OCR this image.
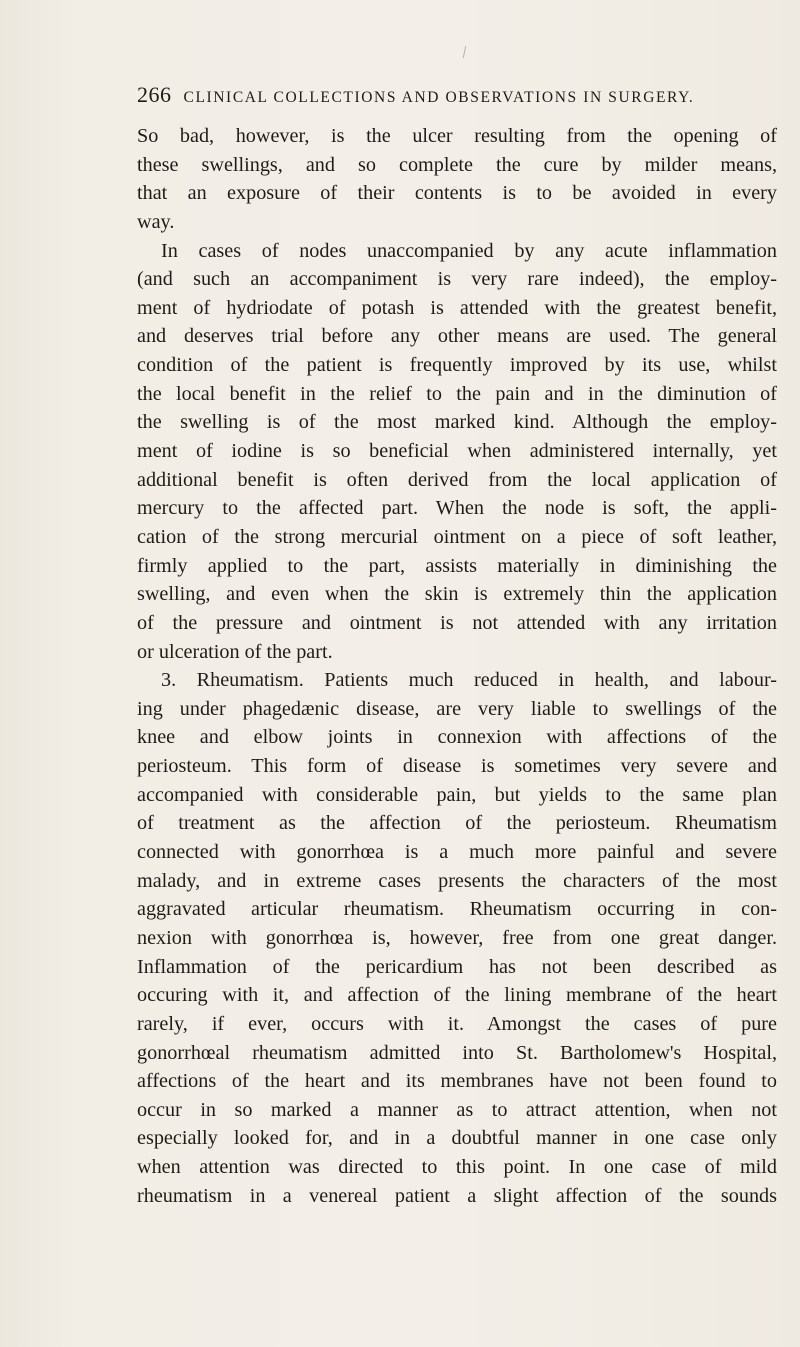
266 CLINICAL COLLECTIONS AND OBSERVATIONS IN SURGERY.
So bad, however, is the ulcer resulting from the opening of
these swellings, and so complete the cure by milder means,
that an exposure of their contents is to be avoided in every
way.
In cases of nodes unaccompanied by any acute inflammation
(and such an accompaniment is very rare indeed), the employ-
ment of hydriodate of potash is attended with the greatest benefit,
and deserves trial before any other means are used. The general
condition of the patient is frequently improved by its use, whilst
the local benefit in the relief to the pain and in the diminution of
the swelling is of the most marked kind. Although the employ-
ment of iodine is so beneficial when administered internally, yet
additional benefit is often derived from the local application of
mercury to the affected part. When the node is soft, the appli-
cation of the strong mercurial ointment on a piece of soft leather,
firmly applied to the part, assists materially in diminishing the
swelling, and even when the skin is extremely thin the application
of the pressure and ointment is not attended with any irritation
or ulceration of the part.
3. Rheumatism. Patients much reduced in health, and labour-
ing under phagedænic disease, are very liable to swellings of the
knee and elbow joints in connexion with affections of the
periosteum. This form of disease is sometimes very severe and
accompanied with considerable pain, but yields to the same plan
of treatment as the affection of the periosteum. Rheumatism
connected with gonorrhœa is a much more painful and severe
malady, and in extreme cases presents the characters of the most
aggravated articular rheumatism. Rheumatism occurring in con-
nexion with gonorrhœa is, however, free from one great danger.
Inflammation of the pericardium has not been described as
occuring with it, and affection of the lining membrane of the heart
rarely, if ever, occurs with it. Amongst the cases of pure
gonorrhœal rheumatism admitted into St. Bartholomew's Hospital,
affections of the heart and its membranes have not been found to
occur in so marked a manner as to attract attention, when not
especially looked for, and in a doubtful manner in one case only
when attention was directed to this point. In one case of mild
rheumatism in a venereal patient a slight affection of the sounds
